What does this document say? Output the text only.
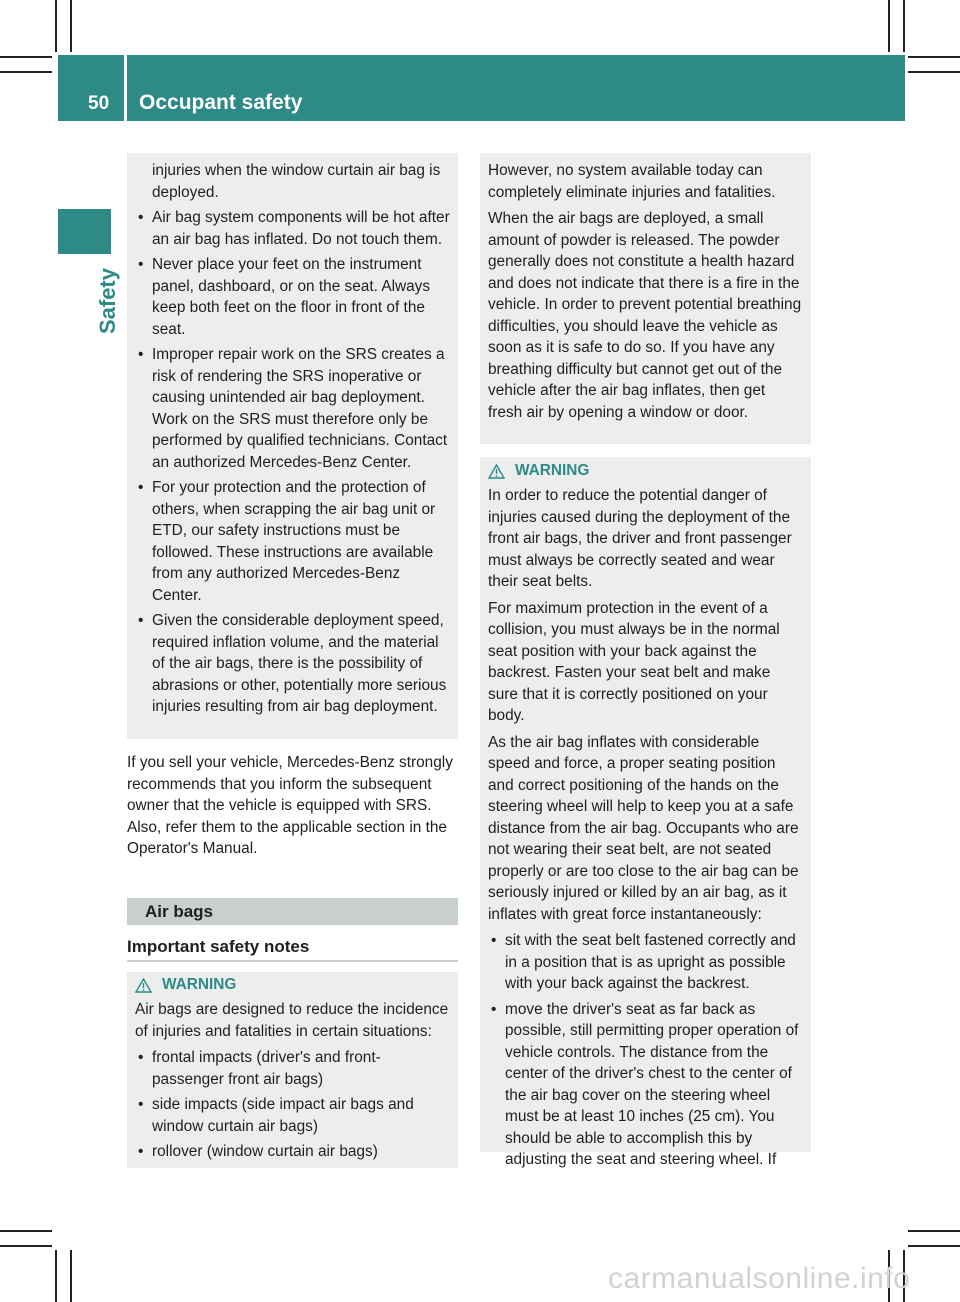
50 Occupant safety
Safety
injuries when the window curtain air bag is deployed.
• Air bag system components will be hot after an air bag has inflated. Do not touch them.
• Never place your feet on the instrument panel, dashboard, or on the seat. Always keep both feet on the floor in front of the seat.
• Improper repair work on the SRS creates a risk of rendering the SRS inoperative or causing unintended air bag deployment. Work on the SRS must therefore only be performed by qualified technicians. Contact an authorized Mercedes-Benz Center.
• For your protection and the protection of others, when scrapping the air bag unit or ETD, our safety instructions must be followed. These instructions are available from any authorized Mercedes-Benz Center.
• Given the considerable deployment speed, required inflation volume, and the material of the air bags, there is the possibility of abrasions or other, potentially more serious injuries resulting from air bag deployment.
If you sell your vehicle, Mercedes-Benz strongly recommends that you inform the subsequent owner that the vehicle is equipped with SRS. Also, refer them to the applicable section in the Operator's Manual.
Air bags
Important safety notes
WARNING
Air bags are designed to reduce the incidence of injuries and fatalities in certain situations:
• frontal impacts (driver's and front-passenger front air bags)
• side impacts (side impact air bags and window curtain air bags)
• rollover (window curtain air bags)

However, no system available today can completely eliminate injuries and fatalities.

When the air bags are deployed, a small amount of powder is released. The powder generally does not constitute a health hazard and does not indicate that there is a fire in the vehicle. In order to prevent potential breathing difficulties, you should leave the vehicle as soon as it is safe to do so. If you have any breathing difficulty but cannot get out of the vehicle after the air bag inflates, then get fresh air by opening a window or door.

WARNING

In order to reduce the potential danger of injuries caused during the deployment of the front air bags, the driver and front passenger must always be correctly seated and wear their seat belts.

For maximum protection in the event of a collision, you must always be in the normal seat position with your back against the backrest. Fasten your seat belt and make sure that it is correctly positioned on your body.

As the air bag inflates with considerable speed and force, a proper seating position and correct positioning of the hands on the steering wheel will help to keep you at a safe distance from the air bag. Occupants who are not wearing their seat belt, are not seated properly or are too close to the air bag can be seriously injured or killed by an air bag, as it inflates with great force instantaneously:

• sit with the seat belt fastened correctly and in a position that is as upright as possible with your back against the backrest.
• move the driver's seat as far back as possible, still permitting proper operation of vehicle controls. The distance from the center of the driver's chest to the center of the air bag cover on the steering wheel must be at least 10 inches (25 cm). You should be able to accomplish this by adjusting the seat and steering wheel. If
carmanualsonline.info
